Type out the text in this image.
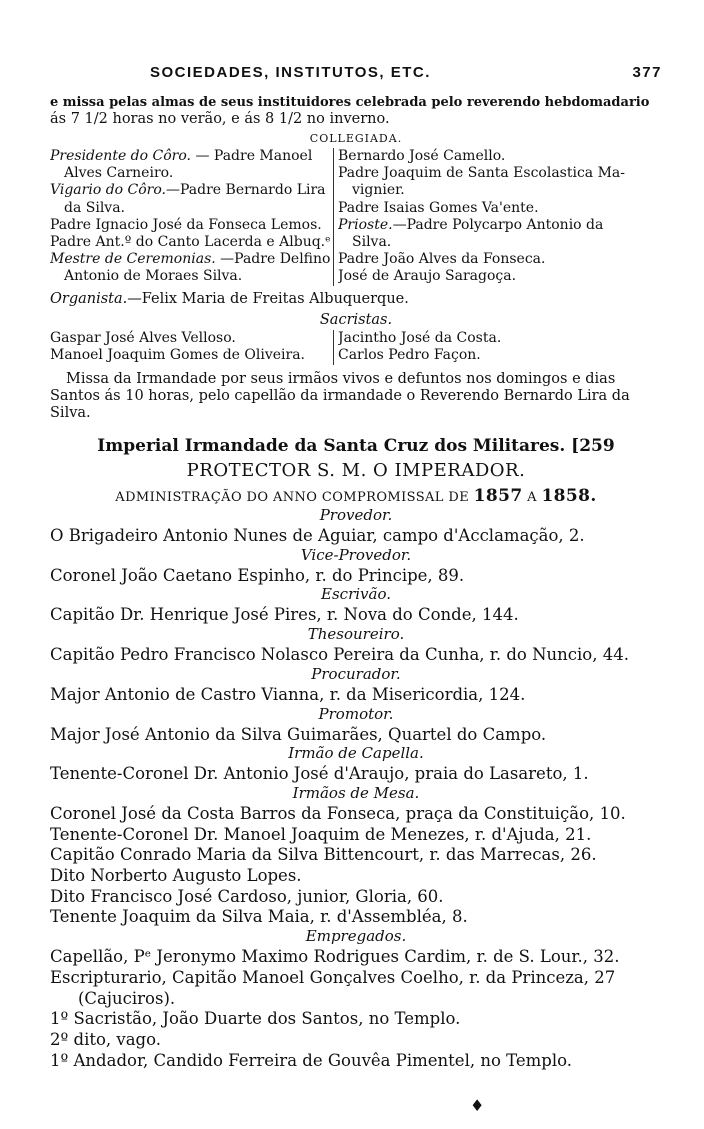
SOCIEDADES, INSTITUTOS, ETC.	377
e missa pelas almas de seus instituidores celebrada pelo reverendo hebdomadario
ás 7 1/2 horas no verão, e ás 8 1/2 no inverno.
COLLEGIADA.
Presidente do Côro. — Padre Manoel
Alves Carneiro.
Vigario do Côro.—Padre Bernardo Lira
da Silva.
Padre Ignacio José da Fonseca Lemos.
Padre Ant.º do Canto Lacerda e Albuq.ᵉ
Mestre de Ceremonias. —Padre Delfino
Antonio de Moraes Silva.
Bernardo José Camello.
Padre Joaquim de Santa Escolastica Ma-
vignier.
Padre Isaias Gomes Va'ente.
Prioste.—Padre Polycarpo Antonio da
Silva.
Padre João Alves da Fonseca.
José de Araujo Saragoça.
Organista.—Felix Maria de Freitas Albuquerque.
Sacristas.
Gaspar José Alves Velloso.
Manoel Joaquim Gomes de Oliveira.
Jacintho José da Costa.
Carlos Pedro Façon.
Missa da Irmandade por seus irmãos vivos e defuntos nos domingos e dias
Santos ás 10 horas, pelo capellão da irmandade o Reverendo Bernardo Lira da
Silva.
Imperial Irmandade da Santa Cruz dos Militares. [259
PROTECTOR S. M. O IMPERADOR.
ADMINISTRAÇÃO DO ANNO COMPROMISSAL DE 1857 A 1858.
Provedor.
O Brigadeiro Antonio Nunes de Aguiar, campo d'Acclamação, 2.
Vice-Provedor.
Coronel João Caetano Espinho, r. do Principe, 89.
Escrivão.
Capitão Dr. Henrique José Pires, r. Nova do Conde, 144.
Thesoureiro.
Capitão Pedro Francisco Nolasco Pereira da Cunha, r. do Nuncio, 44.
Procurador.
Major Antonio de Castro Vianna, r. da Misericordia, 124.
Promotor.
Major José Antonio da Silva Guimarães, Quartel do Campo.
Irmão de Capella.
Tenente-Coronel Dr. Antonio José d'Araujo, praia do Lasareto, 1.
Irmãos de Mesa.
Coronel José da Costa Barros da Fonseca, praça da Constituição, 10.
Tenente-Coronel Dr. Manoel Joaquim de Menezes, r. d'Ajuda, 21.
Capitão Conrado Maria da Silva Bittencourt, r. das Marrecas, 26.
Dito Norberto Augusto Lopes.
Dito Francisco José Cardoso, junior, Gloria, 60.
Tenente Joaquim da Silva Maia, r. d'Assembléa, 8.
Empregados.
Capellão, Pᵉ Jeronymo Maximo Rodrigues Cardim, r. de S. Lour., 32.
Escripturario, Capitão Manoel Gonçalves Coelho, r. da Princeza, 27
(Cajuciros).
1º Sacristão, João Duarte dos Santos, no Templo.
2º dito, vago.
1º Andador, Candido Ferreira de Gouvêa Pimentel, no Templo.
♦
